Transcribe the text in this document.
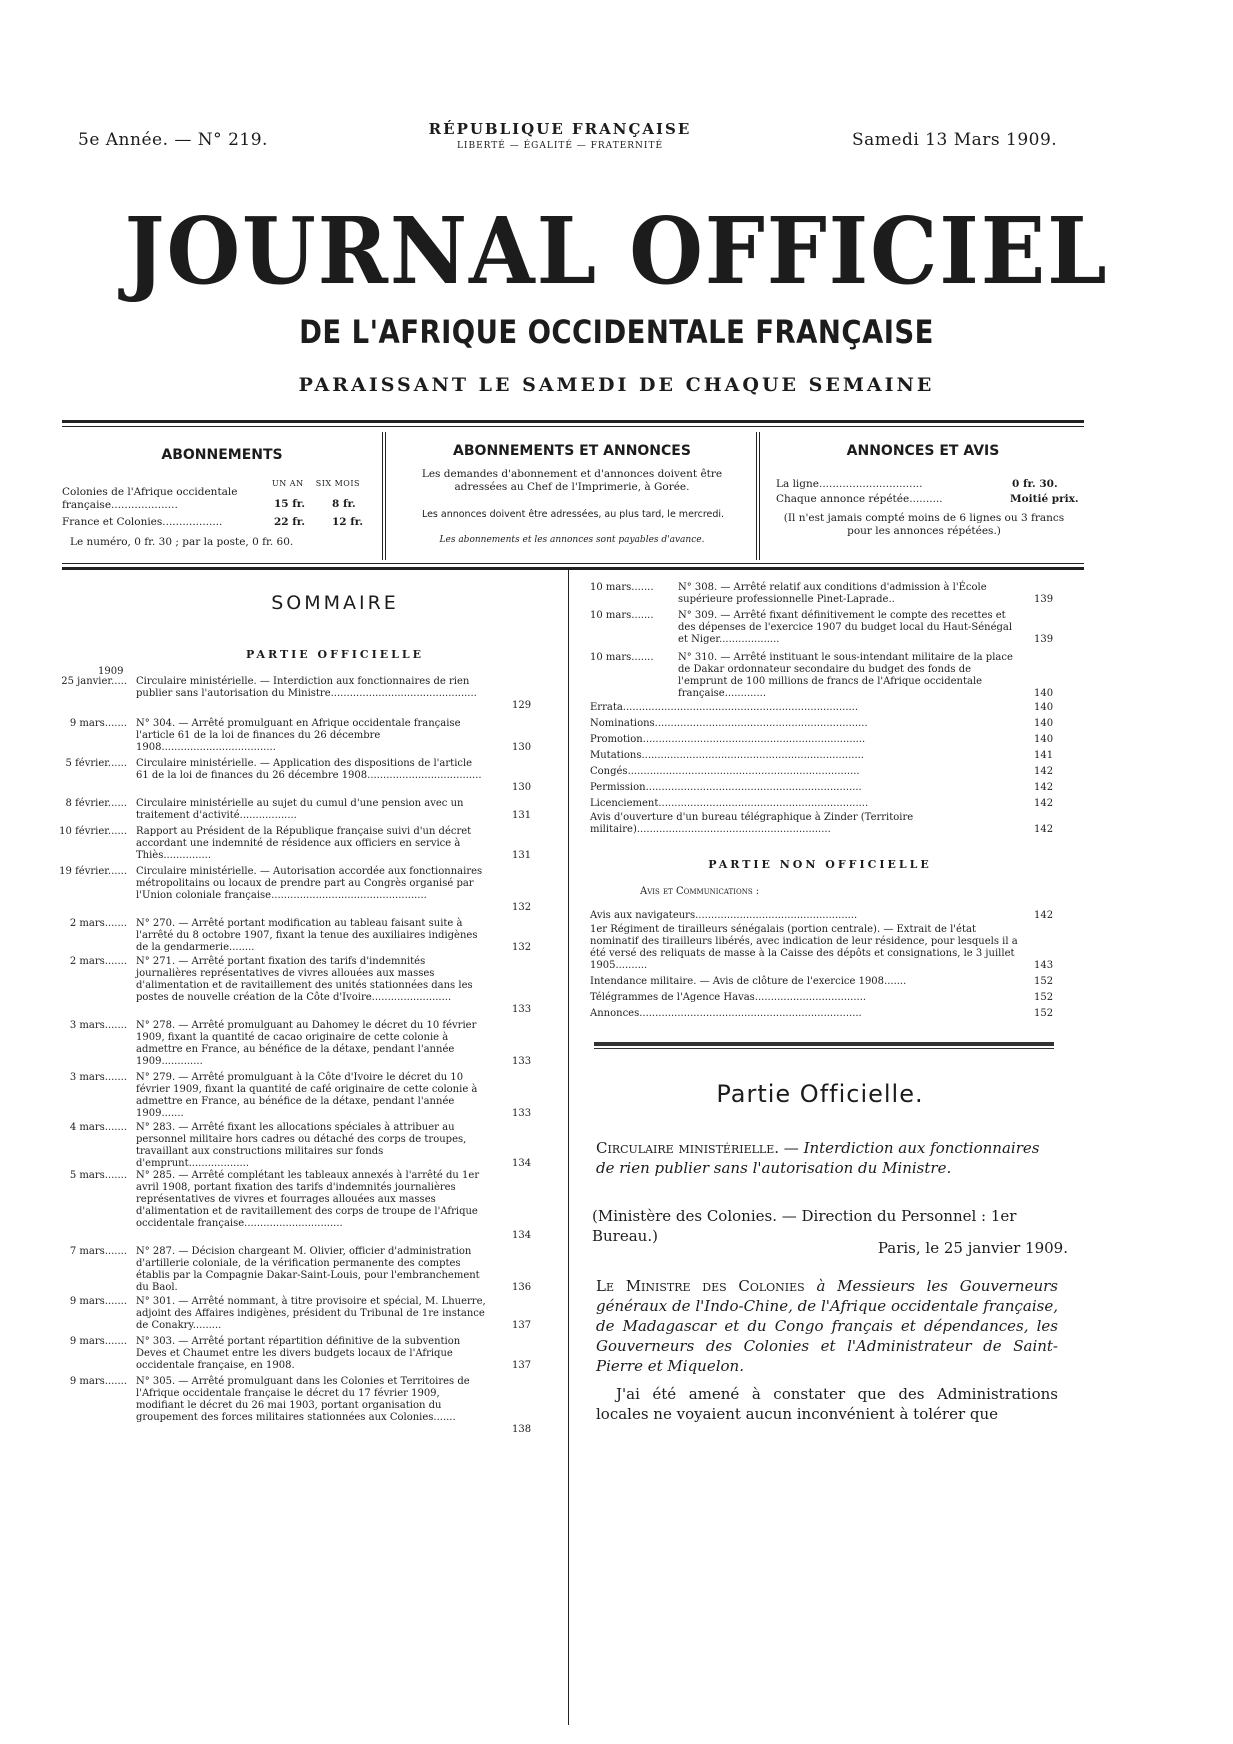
5e Année. — N° 219.
RÉPUBLIQUE FRANÇAISE
LIBERTÉ — ÉGALITÉ — FRATERNITÉ	Samedi 13 Mars 1909.
JOURNAL OFFICIEL
DE L'AFRIQUE OCCIDENTALE FRANÇAISE
PARAISSANT LE SAMEDI DE CHAQUE SEMAINE
ABONNEMENTS
UN AN SIX MOIS
Colonies de l'Afrique occidentale française....................	15 fr.	8 fr.
France et Colonies..................	22 fr.	12 fr.
Le numéro, 0 fr. 30 ; par la poste, 0 fr. 60.
ABONNEMENTS ET ANNONCES
Les demandes d'abonnement et d'annonces doivent être adressées au Chef de l'Imprimerie, à Gorée.
Les annonces doivent être adressées, au plus tard, le mercredi.
Les abonnements et les annonces sont payables d'avance.
ANNONCES ET AVIS
La ligne...............................	0 fr. 30.
Chaque annonce répétée..........	Moitié prix.
(Il n'est jamais compté moins de 6 lignes ou 3 francs pour les annonces répétées.)
SOMMAIRE
PARTIE OFFICIELLE
1909
25 janvier..... Circulaire ministérielle. — Interdiction aux fonctionnaires de rien publier sans l'autorisation du Ministre..............................................
129
9 mars....... N° 304. — Arrêté promulguant en Afrique occidentale française l'article 61 de la loi de finances du 26 décembre 1908....................................	130
5 février...... Circulaire ministérielle. — Application des dispositions de l'article 61 de la loi de finances du 26 décembre 1908....................................
130
8 février...... Circulaire ministérielle au sujet du cumul d'une pension avec un traitement d'activité..................	131
10 février...... Rapport au Président de la République française suivi d'un décret accordant une indemnité de résidence aux officiers en service à Thiès...............	131
19 février...... Circulaire ministérielle. — Autorisation accordée aux fonctionnaires métropolitains ou locaux de prendre part au Congrès organisé par l'Union coloniale française.................................................
132
2 mars....... N° 270. — Arrêté portant modification au tableau faisant suite à l'arrêté du 8 octobre 1907, fixant la tenue des auxiliaires indigènes de la gendarmerie........	132
2 mars....... N° 271. — Arrêté portant fixation des tarifs d'indemnités journalières représentatives de vivres allouées aux masses d'alimentation et de ravitaillement des unités stationnées dans les postes de nouvelle création de la Côte d'Ivoire.........................
133
3 mars....... N° 278. — Arrêté promulguant au Dahomey le décret du 10 février 1909, fixant la quantité de cacao originaire de cette colonie à admettre en France, au bénéfice de la détaxe, pendant l'année 1909.............	133
3 mars....... N° 279. — Arrêté promulguant à la Côte d'Ivoire le décret du 10 février 1909, fixant la quantité de café originaire de cette colonie à admettre en France, au bénéfice de la détaxe, pendant l'année 1909.......	133
4 mars....... N° 283. — Arrêté fixant les allocations spéciales à attribuer au personnel militaire hors cadres ou détaché des corps de troupes, travaillant aux constructions militaires sur fonds d'emprunt...................	134
5 mars....... N° 285. — Arrêté complétant les tableaux annexés à l'arrêté du 1er avril 1908, portant fixation des tarifs d'indemnités journalières représentatives de vivres et fourrages allouées aux masses d'alimentation et de ravitaillement des corps de troupe de l'Afrique occidentale française...............................
134
7 mars....... N° 287. — Décision chargeant M. Olivier, officier d'administration d'artillerie coloniale, de la vérification permanente des comptes établis par la Compagnie Dakar-Saint-Louis, pour l'embranchement du Baol.	136
9 mars....... N° 301. — Arrêté nommant, à titre provisoire et spécial, M. Lhuerre, adjoint des Affaires indigènes, président du Tribunal de 1re instance de Conakry.........	137
9 mars....... N° 303. — Arrêté portant répartition définitive de la subvention Deves et Chaumet entre les divers budgets locaux de l'Afrique occidentale française, en 1908.	137
9 mars....... N° 305. — Arrêté promulguant dans les Colonies et Territoires de l'Afrique occidentale française le décret du 17 février 1909, modifiant le décret du 26 mai 1903, portant organisation du groupement des forces militaires stationnées aux Colonies.......
138
10 mars.......	N° 308. — Arrêté relatif aux conditions d'admission à l'École supérieure professionnelle Pinet-Laprade..	139
10 mars.......	N° 309. — Arrêté fixant définitivement le compte des recettes et des dépenses de l'exercice 1907 du budget local du Haut-Sénégal et Niger...................	139
10 mars.......	N° 310. — Arrêté instituant le sous-intendant militaire de la place de Dakar ordonnateur secondaire du budget des fonds de l'emprunt de 100 millions de francs de l'Afrique occidentale française.............	140
Errata..........................................................................	140
Nominations...................................................................	140
Promotion......................................................................	140
Mutations......................................................................	141
Congés.........................................................................	142
Permission....................................................................	142
Licenciement..................................................................	142
Avis d'ouverture d'un bureau télégraphique à Zinder (Territoire militaire).............................................................	142
PARTIE NON OFFICIELLE
Avis et Communications :
Avis aux navigateurs...................................................	142
1er Régiment de tirailleurs sénégalais (portion centrale). — Extrait de l'état nominatif des tirailleurs libérés, avec indication de leur résidence, pour lesquels il a été versé des reliquats de masse à la Caisse des dépôts et consignations, le 3 juillet 1905..........	143
Intendance militaire. — Avis de clôture de l'exercice 1908.......	152
Télégrammes de l'Agence Havas...................................	152
Annonces......................................................................	152
Partie Officielle.
Circulaire ministérielle. — Interdiction aux fonctionnaires de rien publier sans l'autorisation du Ministre.
(Ministère des Colonies. — Direction du Personnel : 1er Bureau.)
Paris, le 25 janvier 1909.
Le Ministre des Colonies à Messieurs les Gouverneurs généraux de l'Indo-Chine, de l'Afrique occidentale française, de Madagascar et du Congo français et dépendances, les Gouverneurs des Colonies et l'Administrateur de Saint-Pierre et Miquelon.
J'ai été amené à constater que des Administrations locales ne voyaient aucun inconvénient à tolérer que
